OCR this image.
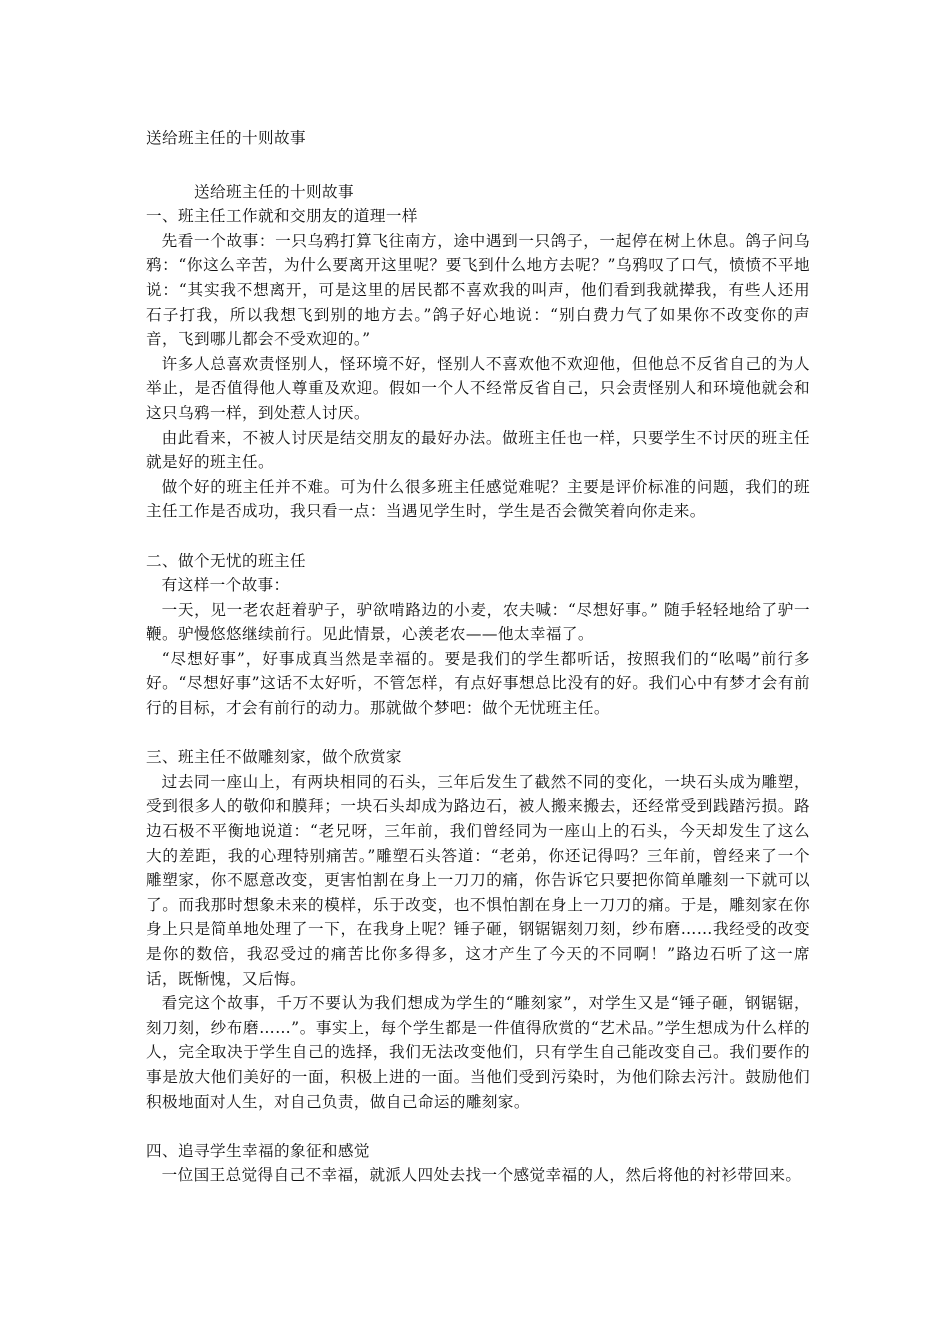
送给班主任的十则故事
送给班主任的十则故事
一、班主任工作就和交朋友的道理一样

先看一个故事：一只乌鸦打算飞往南方，途中遇到一只鸽子，一起停在树上休息。鸽子问乌鸦：“你这么辛苦，为什么要离开这里呢？要飞到什么地方去呢？”乌鸦叹了口气，愤愤不平地说：“其实我不想离开，可是这里的居民都不喜欢我的叫声，他们看到我就撵我，有些人还用石子打我，所以我想飞到别的地方去。”鸽子好心地说：“别白费力气了如果你不改变你的声音，飞到哪儿都会不受欢迎的。”

许多人总喜欢责怪别人，怪环境不好，怪别人不喜欢他不欢迎他，但他总不反省自己的为人举止，是否值得他人尊重及欢迎。假如一个人不经常反省自己，只会责怪别人和环境他就会和这只乌鸦一样，到处惹人讨厌。

由此看来，不被人讨厌是结交朋友的最好办法。做班主任也一样，只要学生不讨厌的班主任就是好的班主任。

做个好的班主任并不难。可为什么很多班主任感觉难呢？主要是评价标准的问题，我们的班主任工作是否成功，我只看一点：当遇见学生时，学生是否会微笑着向你走来。

二、做个无忧的班主任

有这样一个故事：

一天，见一老农赶着驴子，驴欲啃路边的小麦，农夫喊：“尽想好事。” 随手轻轻地给了驴一鞭。驴慢悠悠继续前行。见此情景，心羡老农——他太幸福了。

“尽想好事”，好事成真当然是幸福的。要是我们的学生都听话，按照我们的“吆喝”前行多好。“尽想好事”这话不太好听，不管怎样，有点好事想总比没有的好。我们心中有梦才会有前行的目标，才会有前行的动力。那就做个梦吧：做个无忧班主任。

三、班主任不做雕刻家，做个欣赏家

过去同一座山上，有两块相同的石头，三年后发生了截然不同的变化，一块石头成为雕塑，受到很多人的敬仰和膜拜；一块石头却成为路边石，被人搬来搬去，还经常受到践踏污损。路边石极不平衡地说道：“老兄呀，三年前，我们曾经同为一座山上的石头，今天却发生了这么大的差距，我的心理特别痛苦。”雕塑石头答道：“老弟，你还记得吗？三年前，曾经来了一个雕塑家，你不愿意改变，更害怕割在身上一刀刀的痛，你告诉它只要把你简单雕刻一下就可以了。而我那时想象未来的模样，乐于改变，也不惧怕割在身上一刀刀的痛。于是，雕刻家在你身上只是简单地处理了一下，在我身上呢？锤子砸，钢锯锯刻刀刻，纱布磨……我经受的改变是你的数倍，我忍受过的痛苦比你多得多，这才产生了今天的不同啊！”路边石听了这一席话，既惭愧，又后悔。

看完这个故事，千万不要认为我们想成为学生的“雕刻家”，对学生又是“锤子砸，钢锯锯，刻刀刻，纱布磨……”。事实上，每个学生都是一件值得欣赏的“艺术品。”学生想成为什么样的人，完全取决于学生自己的选择，我们无法改变他们，只有学生自己能改变自己。我们要作的事是放大他们美好的一面，积极上进的一面。当他们受到污染时，为他们除去污汁。鼓励他们积极地面对人生，对自己负责，做自己命运的雕刻家。

四、追寻学生幸福的象征和感觉

一位国王总觉得自己不幸福，就派人四处去找一个感觉幸福的人，然后将他的衬衫带回来。
